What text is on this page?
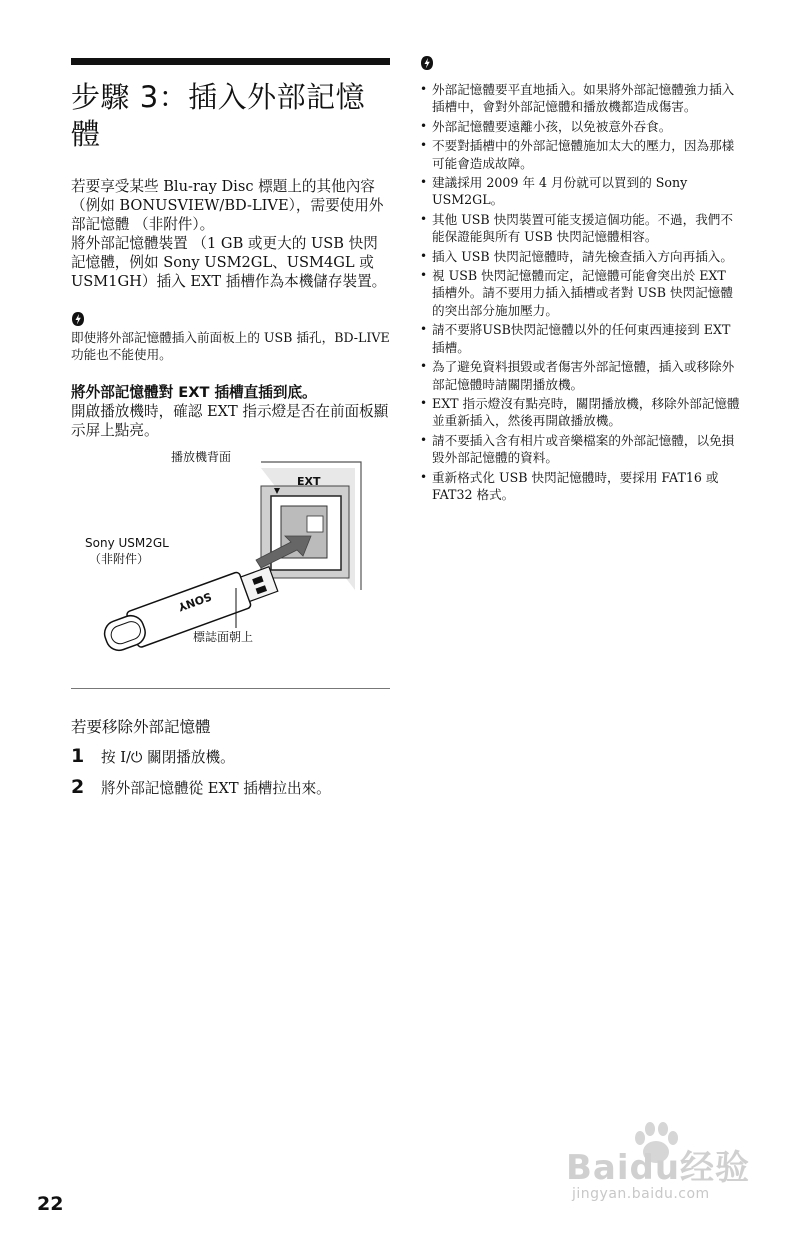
步驟 3：插入外部記憶體

若要享受某些 Blu-ray Disc 標題上的其他內容 （例如 BONUSVIEW/BD-LIVE），需要使用外部記憶體 （非附件）。

將外部記憶體裝置 （1 GB 或更大的 USB 快閃記憶體，例如 Sony USM2GL、USM4GL 或 USM1GH）插入 EXT 插槽作為本機儲存裝置。

即使將外部記憶體插入前面板上的 USB 插孔，BD-LIVE 功能也不能使用。

將外部記憶體對 EXT 插槽直插到底。

開啟播放機時，確認 EXT 指示燈是否在前面板顯示屏上點亮。

SONY
播放機背面
EXT
Sony USM2GL
（非附件）
標誌面朝上
若要移除外部記憶體
1	按 I/⏻ 關閉播放機。
2	將外部記憶體從 EXT 插槽拉出來。
• 外部記憶體要平直地插入。如果將外部記憶體強力插入插槽中，會對外部記憶體和播放機都造成傷害。
• 外部記憶體要遠離小孩，以免被意外吞食。
• 不要對插槽中的外部記憶體施加太大的壓力，因為那樣可能會造成故障。
• 建議採用 2009 年 4 月份就可以買到的 Sony USM2GL。
• 其他 USB 快閃裝置可能支援這個功能。不過，我們不能保證能與所有 USB 快閃記憶體相容。
• 插入 USB 快閃記憶體時，請先檢查插入方向再插入。
• 視 USB 快閃記憶體而定，記憶體可能會突出於 EXT 插槽外。請不要用力插入插槽或者對 USB 快閃記憶體的突出部分施加壓力。
• 請不要將USB快閃記憶體以外的任何東西連接到 EXT 插槽。
• 為了避免資料損毀或者傷害外部記憶體，插入或移除外部記憶體時請關閉播放機。
• EXT 指示燈沒有點亮時，關閉播放機，移除外部記憶體並重新插入，然後再開啟播放機。
• 請不要插入含有相片或音樂檔案的外部記憶體，以免損毀外部記憶體的資料。
• 重新格式化 USB 快閃記憶體時，要採用 FAT16 或 FAT32 格式。
22
Baidu经验
jingyan.baidu.com
